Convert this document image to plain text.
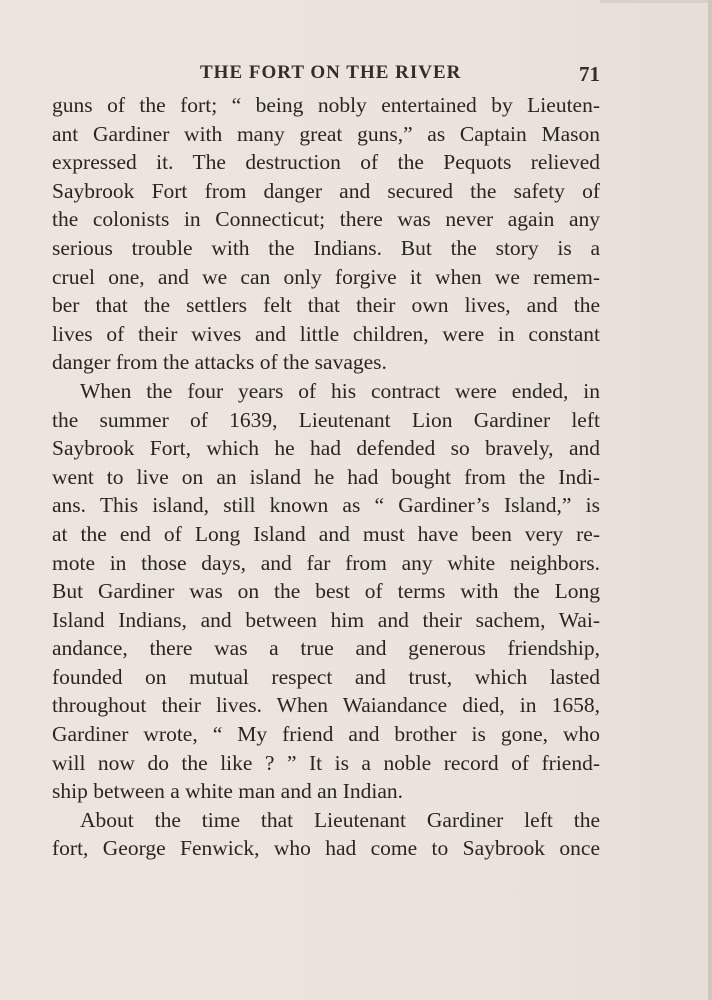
THE FORT ON THE RIVER	71
guns of the fort; “ being nobly entertained by Lieuten-
ant Gardiner with many great guns,” as Captain Mason
expressed it. The destruction of the Pequots relieved
Saybrook Fort from danger and secured the safety of
the colonists in Connecticut; there was never again any
serious trouble with the Indians. But the story is a
cruel one, and we can only forgive it when we remem-
ber that the settlers felt that their own lives, and the
lives of their wives and little children, were in constant
danger from the attacks of the savages.
When the four years of his contract were ended, in
the summer of 1639, Lieutenant Lion Gardiner left
Saybrook Fort, which he had defended so bravely, and
went to live on an island he had bought from the Indi-
ans. This island, still known as “ Gardiner’s Island,” is
at the end of Long Island and must have been very re-
mote in those days, and far from any white neighbors.
But Gardiner was on the best of terms with the Long
Island Indians, and between him and their sachem, Wai-
andance, there was a true and generous friendship,
founded on mutual respect and trust, which lasted
throughout their lives. When Waiandance died, in 1658,
Gardiner wrote, “ My friend and brother is gone, who
will now do the like ? ” It is a noble record of friend-
ship between a white man and an Indian.
About the time that Lieutenant Gardiner left the
fort, George Fenwick, who had come to Saybrook once
